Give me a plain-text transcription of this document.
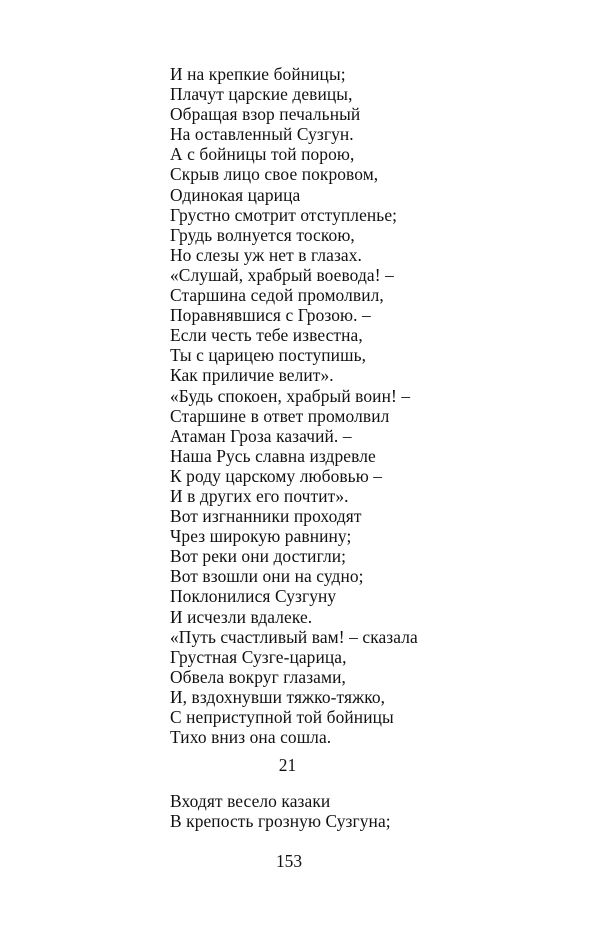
И на крепкие бойницы;
Плачут царские девицы,
Обращая взор печальный
На оставленный Сузгун.
А с бойницы той порою,
Скрыв лицо свое покровом,
Одинокая царица
Грустно смотрит отступленье;
Грудь волнуется тоскою,
Но слезы уж нет в глазах.
«Слушай, храбрый воевода! –
Старшина седой промолвил,
Поравнявшися с Грозою. –
Если честь тебе известна,
Ты с царицею поступишь,
Как приличие велит».
«Будь спокоен, храбрый воин! –
Старшине в ответ промолвил
Атаман Гроза казачий. –
Наша Русь славна издревле
К роду царскому любовью –
И в других его почтит».
Вот изгнанники проходят
Чрез широкую равнину;
Вот реки они достигли;
Вот взошли они на судно;
Поклонилися Сузгуну
И исчезли вдалеке.
«Путь счастливый вам! – сказала
Грустная Сузге-царица,
Обвела вокруг глазами,
И, вздохнувши тяжко-тяжко,
С неприступной той бойницы
Тихо вниз она сошла.
21
Входят весело казаки
В крепость грозную Сузгуна;
153
